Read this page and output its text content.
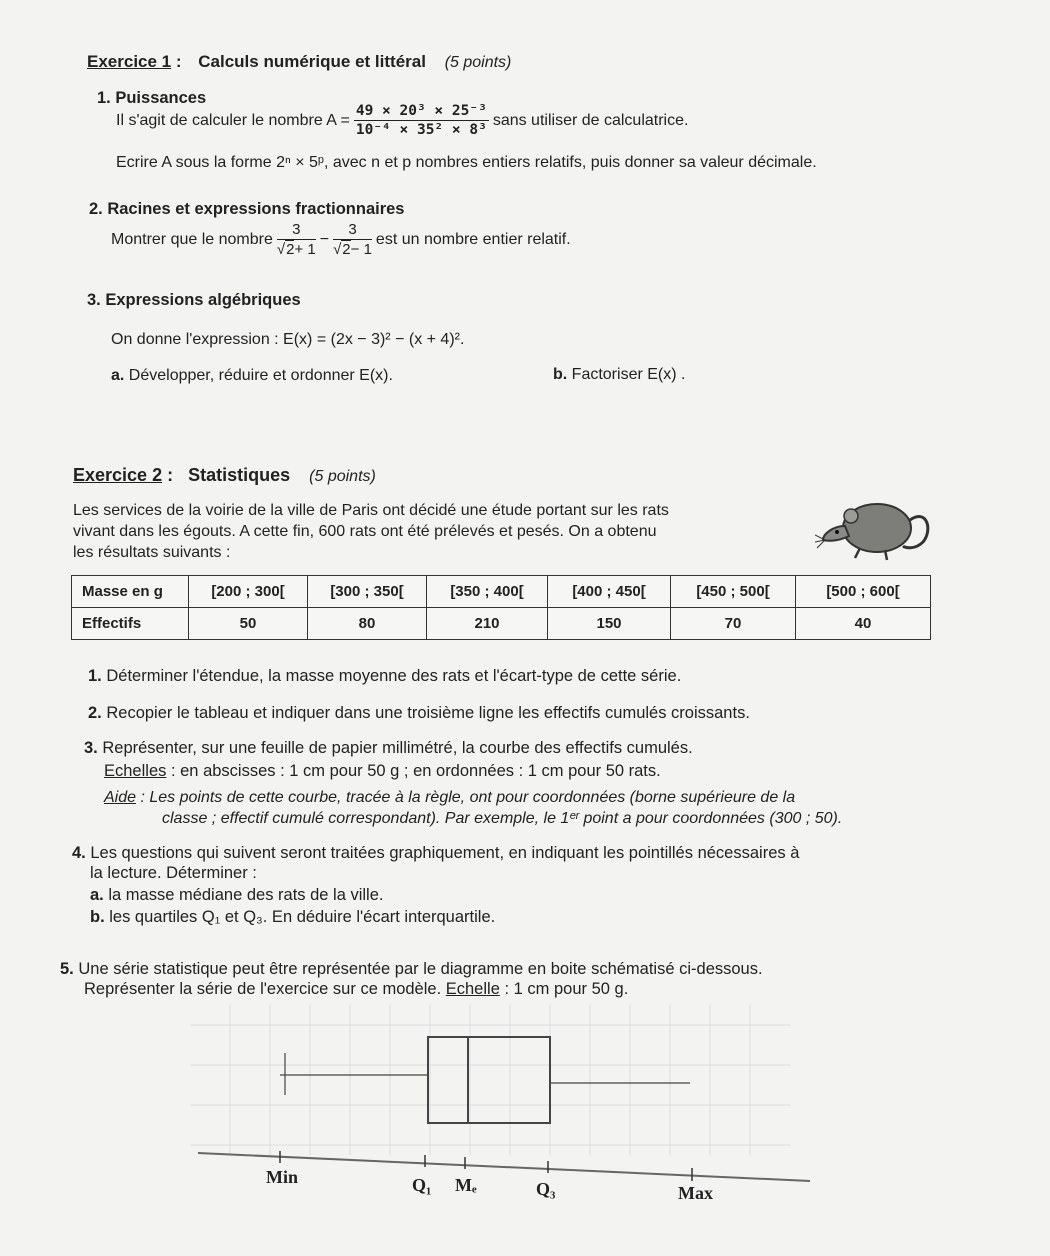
Exercice 1 : Calculs numérique et littéral (5 points)
1. Puissances
Il s'agit de calculer le nombre $A = \frac{\text{49 × 20³ × 25⁻³}}{\text{10⁻⁴ × 35² × 8³}}$ sans utiliser de calculatrice.
Ecrire A sous la forme 2ⁿ × 5ᵖ, avec n et p nombres entiers relatifs, puis donner sa valeur décimale.
2. Racines et expressions fractionnaires
Montrer que le nombre $\frac{3}{√2+ 1} - \frac{3}{√2- 1}$ est un nombre entier relatif.
3. Expressions algébriques
On donne l'expression : E(x) = (2x − 3)² − (x + 4)².
a. Développer, réduire et ordonner E(x).	b. Factoriser E(x) .
Exercice 2 : Statistiques (5 points)
Les services de la voirie de la ville de Paris ont décidé une étude portant sur les rats
vivant dans les égouts. A cette fin, 600 rats ont été prélevés et pesés. On a obtenu
les résultats suivants :
Masse en g	[200 ; 300[	[300 ; 350[	[350 ; 400[	[400 ; 450[	[450 ; 500[	[500 ; 600[
Effectifs	50	80	210	150	70	40
1. Déterminer l'étendue, la masse moyenne des rats et l'écart-type de cette série.
2. Recopier le tableau et indiquer dans une troisième ligne les effectifs cumulés croissants.
3. Représenter, sur une feuille de papier millimétré, la courbe des effectifs cumulés.
Echelles : en abscisses : 1 cm pour 50 g ; en ordonnées : 1 cm pour 50 rats.
Aide : Les points de cette courbe, tracée à la règle, ont pour coordonnées (borne supérieure de la
classe ; effectif cumulé correspondant). Par exemple, le 1ᵉʳ point a pour coordonnées (300 ; 50).
4. Les questions qui suivent seront traitées graphiquement, en indiquant les pointillés nécessaires à
la lecture. Déterminer :
a. la masse médiane des rats de la ville.
b. les quartiles Q₁ et Q₃. En déduire l'écart interquartile.
5. Une série statistique peut être représentée par le diagramme en boite schématisé ci-dessous.
Représenter la série de l'exercice sur ce modèle. Echelle : 1 cm pour 50 g.
Min	Q₁ Mₑ	Q₃	Max
